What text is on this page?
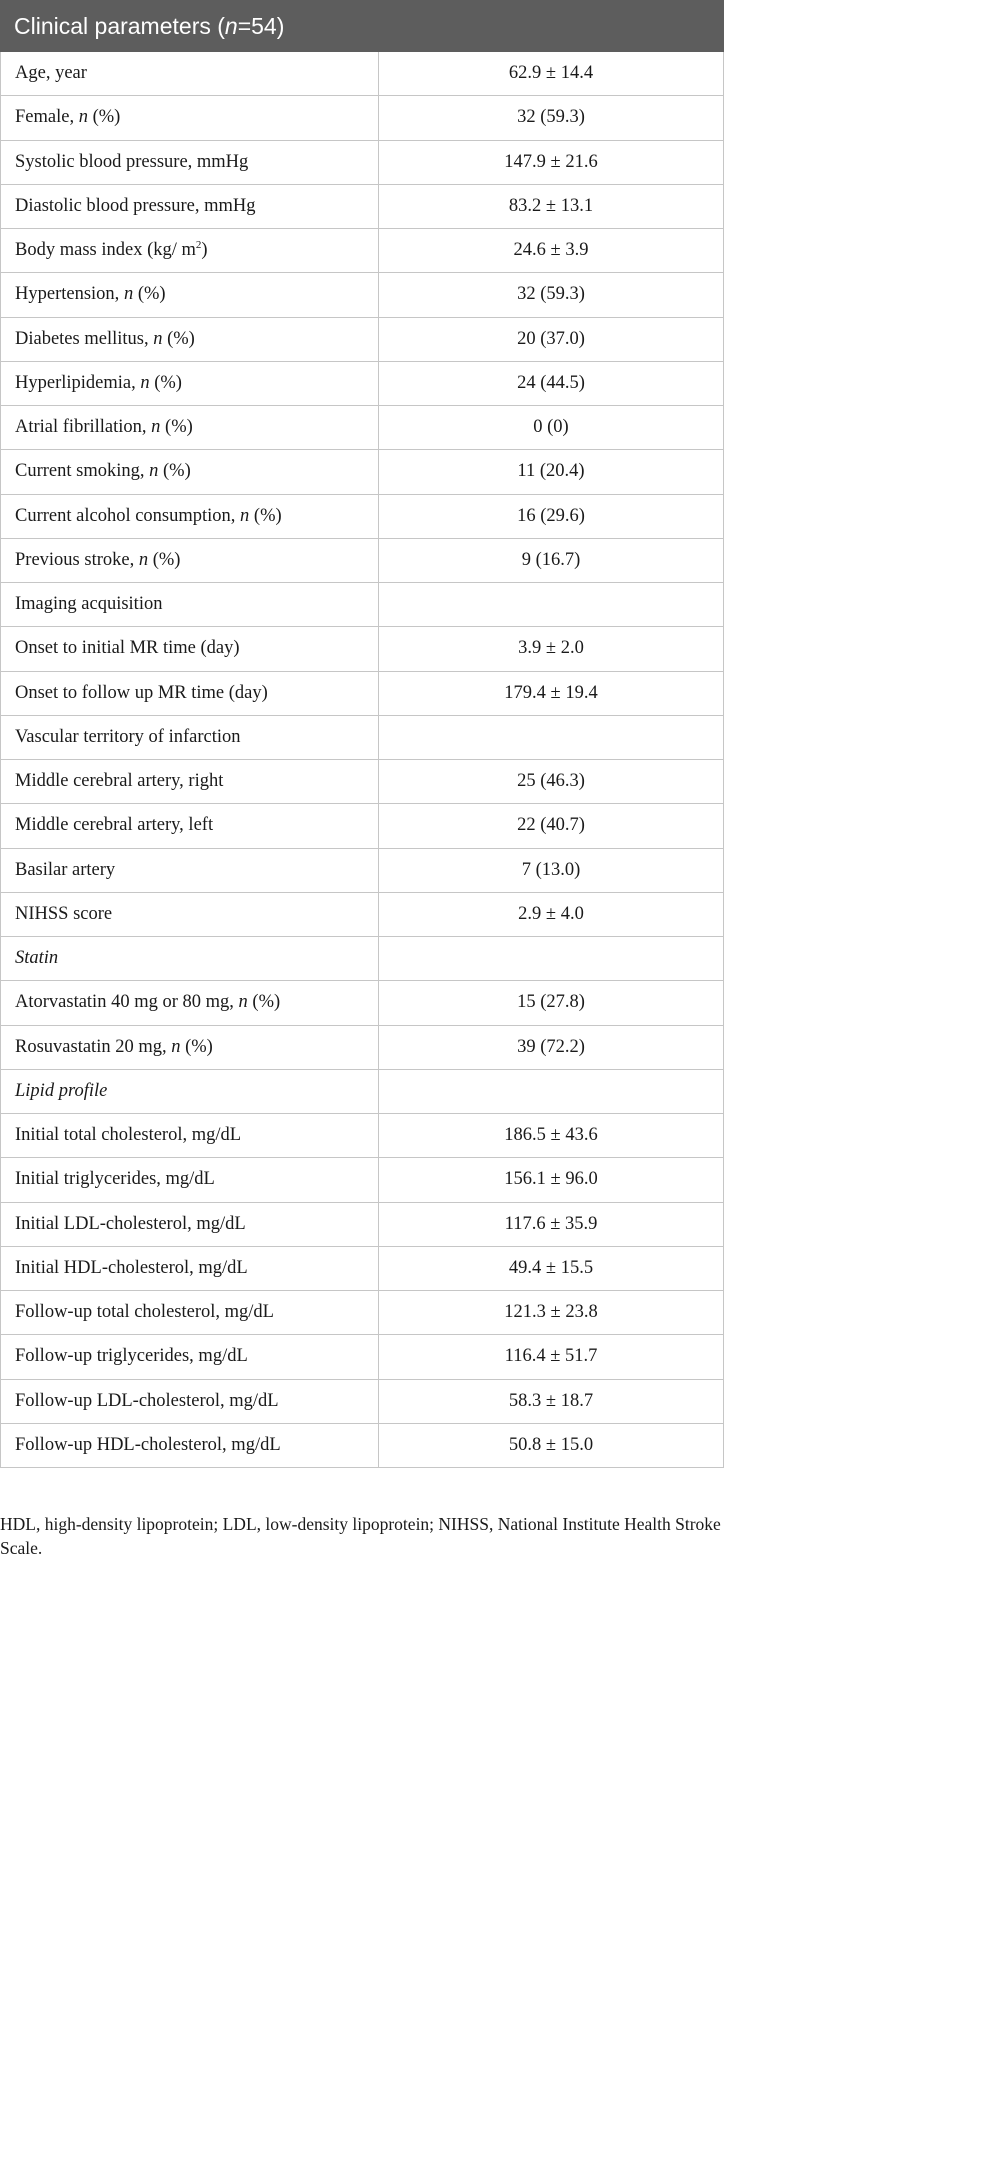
Clinical parameters (n=54)
Age, year	62.9 ± 14.4
Female, n (%)	32 (59.3)
Systolic blood pressure, mmHg	147.9 ± 21.6
Diastolic blood pressure, mmHg	83.2 ± 13.1
Body mass index (kg/ $m^2$)	24.6 ± 3.9
Hypertension, n (%)	32 (59.3)
Diabetes mellitus, n (%)	20 (37.0)
Hyperlipidemia, n (%)	24 (44.5)
Atrial fibrillation, n (%)	0 (0)
Current smoking, n (%)	11 (20.4)
Current alcohol consumption, n (%)	16 (29.6)
Previous stroke, n (%)	9 (16.7)
Imaging acquisition
Onset to initial MR time (day)	3.9 ± 2.0
Onset to follow up MR time (day)	179.4 ± 19.4
Vascular territory of infarction
Middle cerebral artery, right	25 (46.3)
Middle cerebral artery, left	22 (40.7)
Basilar artery	7 (13.0)
NIHSS score	2.9 ± 4.0
Statin
Atorvastatin 40 mg or 80 mg, n (%)	15 (27.8)
Rosuvastatin 20 mg, n (%)	39 (72.2)
Lipid profile
Initial total cholesterol, mg/dL	186.5 ± 43.6
Initial triglycerides, mg/dL	156.1 ± 96.0
Initial LDL-cholesterol, mg/dL	117.6 ± 35.9
Initial HDL-cholesterol, mg/dL	49.4 ± 15.5
Follow-up total cholesterol, mg/dL	121.3 ± 23.8
Follow-up triglycerides, mg/dL	116.4 ± 51.7
Follow-up LDL-cholesterol, mg/dL	58.3 ± 18.7
Follow-up HDL-cholesterol, mg/dL	50.8 ± 15.0
HDL, high-density lipoprotein; LDL, low-density lipoprotein; NIHSS, National Institute Health Stroke Scale.
